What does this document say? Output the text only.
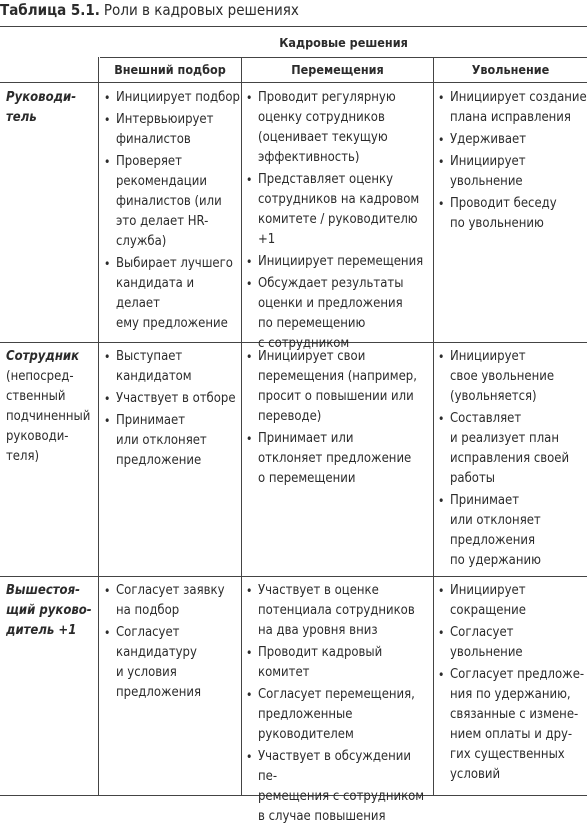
Таблица 5.1. Роли в кадровых решениях
Кадровые решения
Внешний подбор	Перемещения	Увольнение
Руководи-
тель
Сотрудник
(непосред-
ственный
подчиненный
руководи-
теля)
Вышестоя-
щий руково-
дитель +1
• Инициирует подбор
• Интервьюирует
финалистов
• Проверяет
рекомендации
финалистов (или
это делает HR-
служба)
• Выбирает лучшего
кандидата и делает
ему предложение
• Проводит регулярную
оценку сотрудников
(оценивает текущую
эффективность)
• Представляет оценку
сотрудников на кадровом
комитете / руководителю +1
• Инициирует перемещения
• Обсуждает результаты
оценки и предложения
по перемещению
с сотрудником
• Инициирует создание
плана исправления
• Удерживает
• Инициирует
увольнение
• Проводит беседу
по увольнению
• Выступает
кандидатом
• Участвует в отборе
• Принимает
или отклоняет
предложение
• Инициирует свои
перемещения (например,
просит о повышении или
переводе)
• Принимает или
отклоняет предложение
о перемещении
• Инициирует
свое увольнение
(увольняется)
• Составляет
и реализует план
исправления своей
работы
• Принимает
или отклоняет
предложения
по удержанию
• Согласует заявку
на подбор
• Согласует
кандидатуру
и условия
предложения
• Участвует в оценке
потенциала сотрудников
на два уровня вниз
• Проводит кадровый комитет
• Согласует перемещения,
предложенные
руководителем
• Участвует в обсуждении пе-
ремещения с сотрудником
в случае повышения
• Инициирует
сокращение
• Согласует увольнение
• Согласует предложе-
ния по удержанию,
связанные с измене-
нием оплаты и дру-
гих существенных
условий
